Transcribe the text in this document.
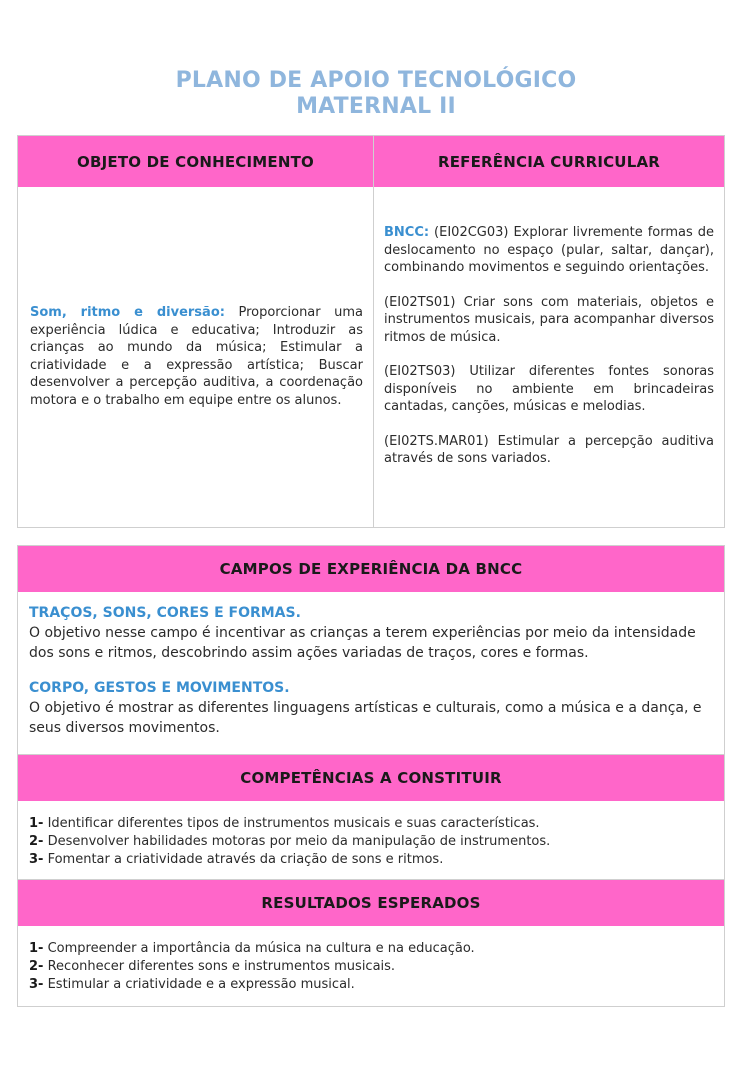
PLANO DE APOIO TECNOLÓGICO
MATERNAL II
OBJETO DE CONHECIMENTO	REFERÊNCIA CURRICULAR
Som, ritmo e diversão: Proporcionar uma experiência lúdica e educativa; Introduzir as crianças ao mundo da música; Estimular a criatividade e a expressão artística; Buscar desenvolver a percepção auditiva, a coordenação motora e o trabalho em equipe entre os alunos.

BNCC: (EI02CG03) Explorar livremente formas de deslocamento no espaço (pular, saltar, dançar), combinando movimentos e seguindo orientações.

(EI02TS01) Criar sons com materiais, objetos e instrumentos musicais, para acompanhar diversos ritmos de música.

(EI02TS03) Utilizar diferentes fontes sonoras disponíveis no ambiente em brincadeiras cantadas, canções, músicas e melodias.

(EI02TS.MAR01) Estimular a percepção auditiva através de sons variados.

CAMPOS DE EXPERIÊNCIA DA BNCC

TRAÇOS, SONS, CORES E FORMAS.

O objetivo nesse campo é incentivar as crianças a terem experiências por meio da intensidade dos sons e ritmos, descobrindo assim ações variadas de traços, cores e formas.

CORPO, GESTOS E MOVIMENTOS.

O objetivo é mostrar as diferentes linguagens artísticas e culturais, como a música e a dança, e seus diversos movimentos.

COMPETÊNCIAS A CONSTITUIR
1- Identificar diferentes tipos de instrumentos musicais e suas características.
2- Desenvolver habilidades motoras por meio da manipulação de instrumentos.
3- Fomentar a criatividade através da criação de sons e ritmos.
RESULTADOS ESPERADOS
1- Compreender a importância da música na cultura e na educação.
2- Reconhecer diferentes sons e instrumentos musicais.
3- Estimular a criatividade e a expressão musical.
